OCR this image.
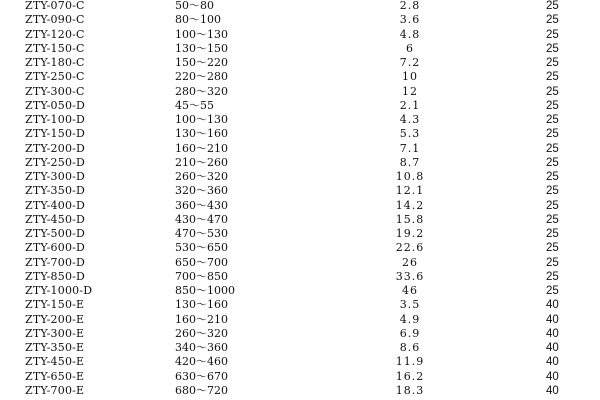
ZTY-070-C	50～80	2.8	25
ZTY-090-C	80～100	3.6	25
ZTY-120-C	100～130	4.8	25
ZTY-150-C	130～150	6	25
ZTY-180-C	150～220	7.2	25
ZTY-250-C	220～280	10	25
ZTY-300-C	280～320	12	25
ZTY-050-D	45～55	2.1	25
ZTY-100-D	100～130	4.3	25
ZTY-150-D	130～160	5.3	25
ZTY-200-D	160～210	7.1	25
ZTY-250-D	210～260	8.7	25
ZTY-300-D	260～320	10.8	25
ZTY-350-D	320～360	12.1	25
ZTY-400-D	360～430	14.2	25
ZTY-450-D	430～470	15.8	25
ZTY-500-D	470～530	19.2	25
ZTY-600-D	530～650	22.6	25
ZTY-700-D	650～700	26	25
ZTY-850-D	700～850	33.6	25
ZTY-1000-D	850～1000	46	25
ZTY-150-E	130～160	3.5	40
ZTY-200-E	160～210	4.9	40
ZTY-300-E	260～320	6.9	40
ZTY-350-E	340～360	8.6	40
ZTY-450-E	420～460	11.9	40
ZTY-650-E	630～670	16.2	40
ZTY-700-E	680～720	18.3	40
